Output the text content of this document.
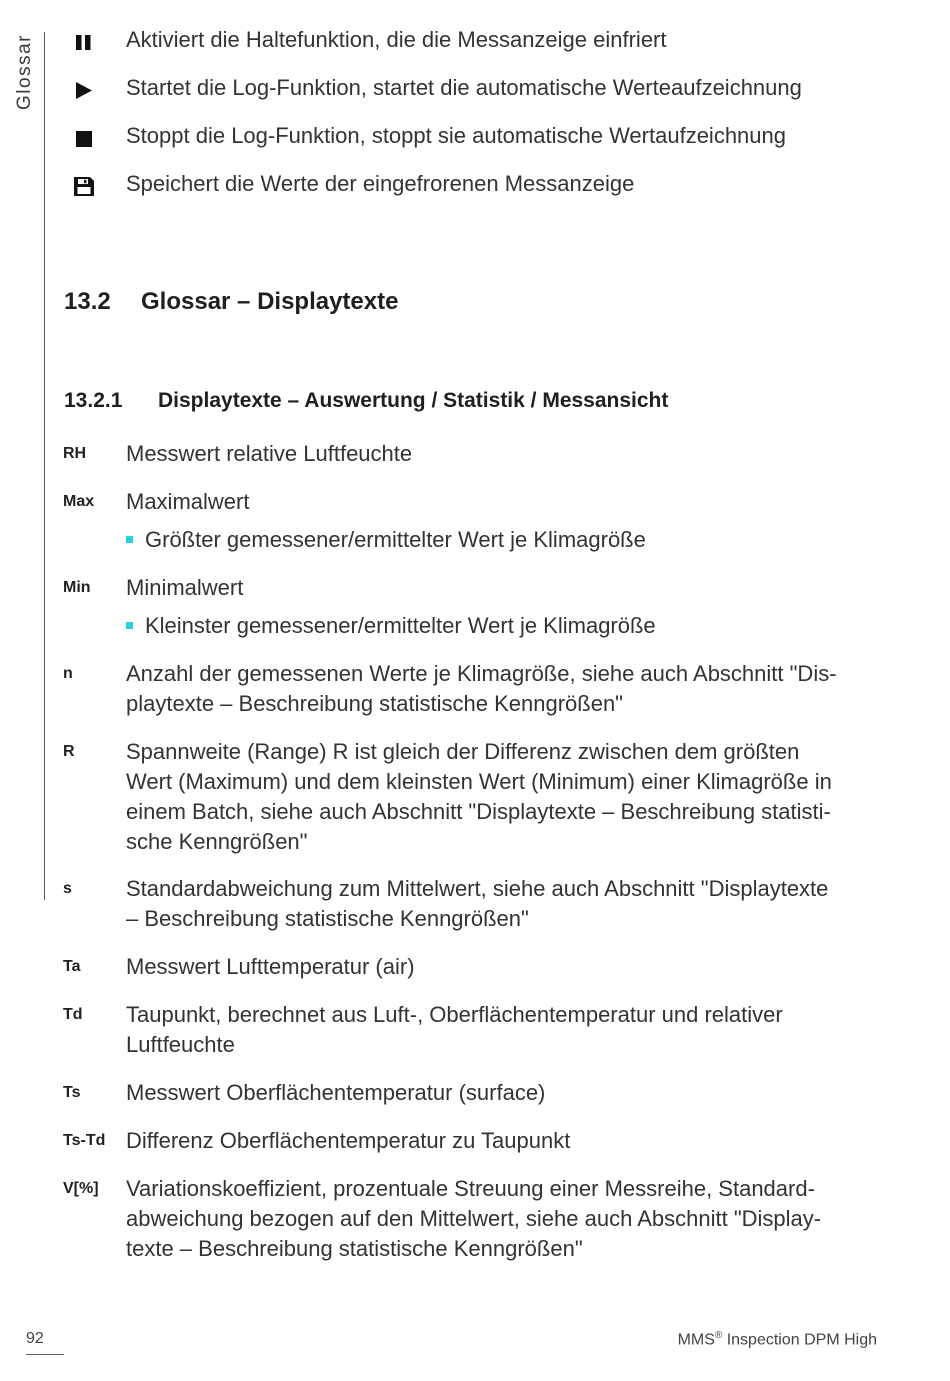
Glossar	Aktiviert die Haltefunktion, die die Messanzeige einfriert
Startet die Log-Funktion, startet die automatische Werteaufzeichnung
Stoppt die Log-Funktion, stoppt sie automatische Wertaufzeichnung
Speichert die Werte der eingefrorenen Messanzeige
13.2 Glossar – Displaytexte
13.2.1 Displaytexte – Auswertung / Statistik / Messansicht
RH Messwert relative Luftfeuchte
Max Maximalwert
Größter gemessener/ermittelter Wert je Klimagröße
Min Minimalwert
Kleinster gemessener/ermittelter Wert je Klimagröße
n Anzahl der gemessenen Werte je Klimagröße, siehe auch Abschnitt "Dis-
playtexte – Beschreibung statistische Kenngrößen"
R Spannweite (Range) R ist gleich der Differenz zwischen dem größten
Wert (Maximum) und dem kleinsten Wert (Minimum) einer Klimagröße in
einem Batch, siehe auch Abschnitt "Displaytexte – Beschreibung statisti-
sche Kenngrößen"
s Standardabweichung zum Mittelwert, siehe auch Abschnitt "Displaytexte
– Beschreibung statistische Kenngrößen"
Ta Messwert Lufttemperatur (air)
Td Taupunkt, berechnet aus Luft-, Oberflächentemperatur und relativer
Luftfeuchte
Ts Messwert Oberflächentemperatur (surface)
Ts-Td Differenz Oberflächentemperatur zu Taupunkt
V[%] Variationskoeffizient, prozentuale Streuung einer Messreihe, Standard-
abweichung bezogen auf den Mittelwert, siehe auch Abschnitt "Display-
texte – Beschreibung statistische Kenngrößen"
92	MMS® Inspection DPM High
